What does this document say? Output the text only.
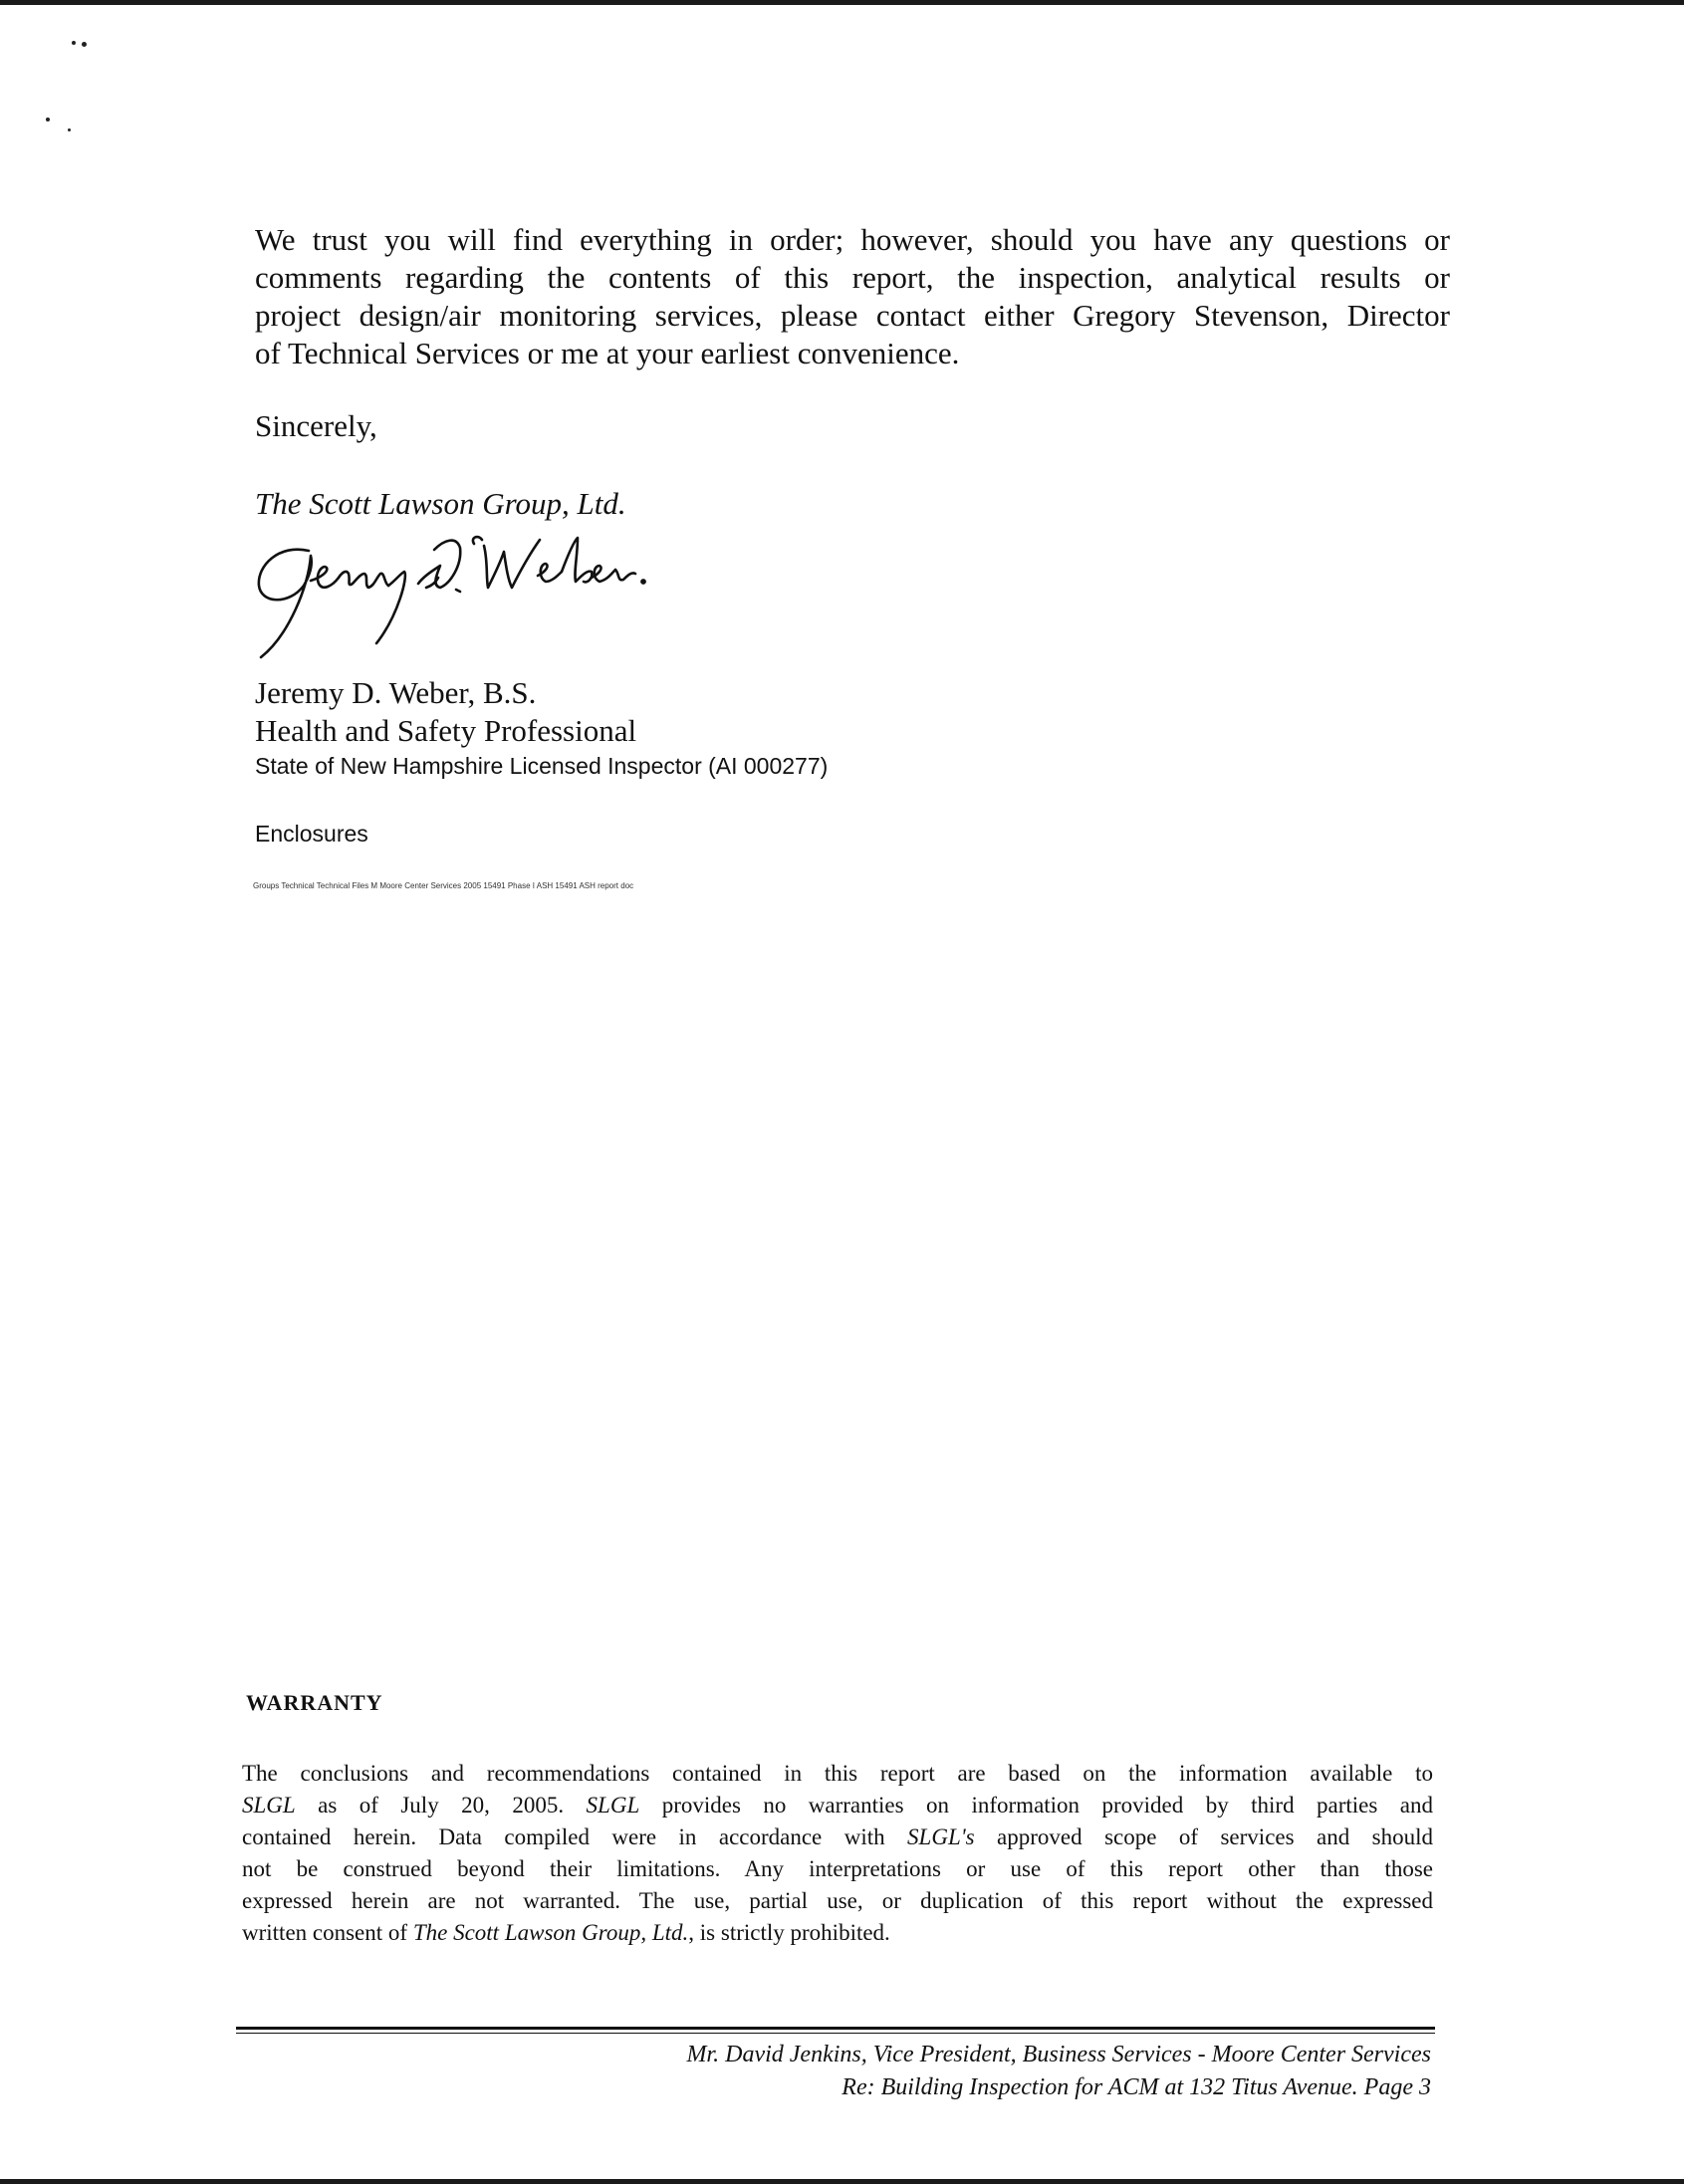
We trust you will find everything in order; however, should you have any questions or
comments regarding the contents of this report, the inspection, analytical results or
project design/air monitoring services, please contact either Gregory Stevenson, Director
of Technical Services or me at your earliest convenience.
Sincerely,
The Scott Lawson Group, Ltd.
Jeremy D. Weber, B.S.
Health and Safety Professional
State of New Hampshire Licensed Inspector (AI 000277)
Enclosures
Groups Technical Technical Files M Moore Center Services 2005 15491 Phase I ASH 15491 ASH report doc
WARRANTY
The conclusions and recommendations contained in this report are based on the information available to
SLGL as of July 20, 2005. SLGL provides no warranties on information provided by third parties and
contained herein. Data compiled were in accordance with SLGL's approved scope of services and should
not be construed beyond their limitations. Any interpretations or use of this report other than those
expressed herein are not warranted. The use, partial use, or duplication of this report without the expressed
written consent of The Scott Lawson Group, Ltd., is strictly prohibited.
Mr. David Jenkins, Vice President, Business Services - Moore Center Services
Re: Building Inspection for ACM at 132 Titus Avenue. Page 3
